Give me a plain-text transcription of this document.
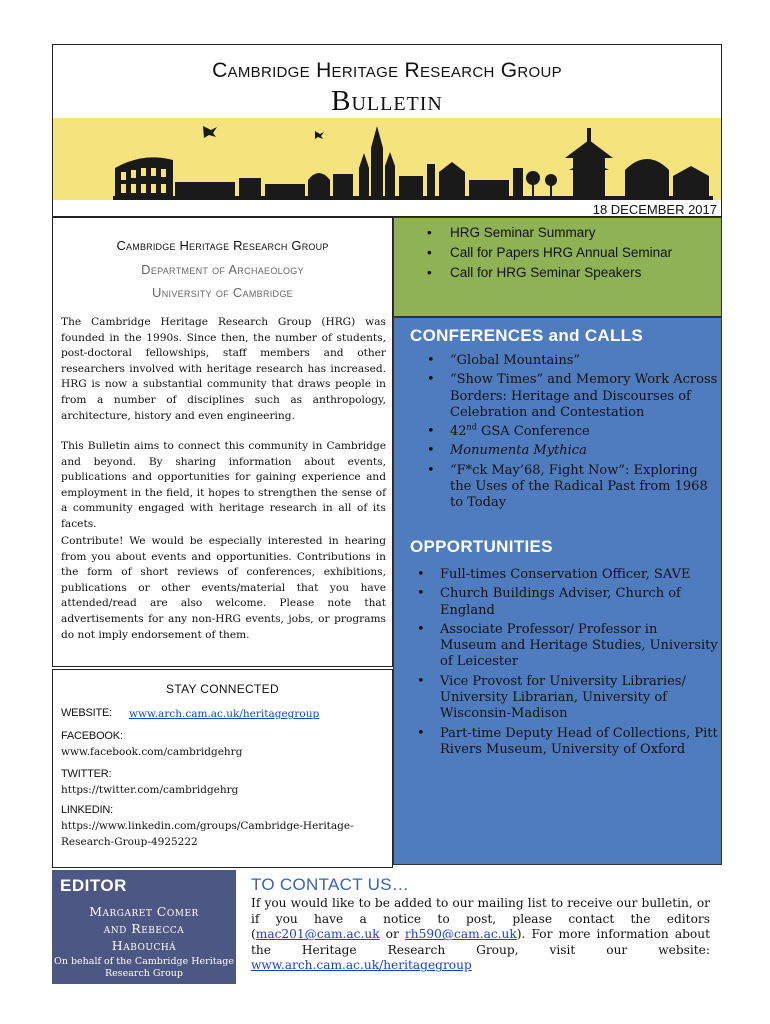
Cambridge Heritage Research Group
Bulletin
18 DECEMBER 2017
Cambridge Heritage Research Group
Department of Archaeology
University of Cambridge

The Cambridge Heritage Research Group (HRG) was founded in the 1990s. Since then, the number of students, post-doctoral fellowships, staff members and other researchers involved with heritage research has increased. HRG is now a substantial community that draws people in from a number of disciplines such as anthropology, architecture, history and even engineering.

This Bulletin aims to connect this community in Cambridge and beyond. By sharing information about events, publications and opportunities for gaining experience and employment in the field, it hopes to strengthen the sense of a community engaged with heritage research in all of its facets.

Contribute! We would be especially interested in hearing from you about events and opportunities. Contributions in the form of short reviews of conferences, exhibitions, publications or other events/material that you have attended/read are also welcome. Please note that advertisements for any non-HRG events, jobs, or programs do not imply endorsement of them.

STAY CONNECTED
WEBSITE: www.arch.cam.ac.uk/heritagegroup
FACEBOOK:
www.facebook.com/cambridgehrg
TWITTER:
https://twitter.com/cambridgehrg
LINKEDIN:
https://www.linkedin.com/groups/Cambridge-Heritage-Research-Group-4925222
• HRG Seminar Summary
• Call for Papers HRG Annual Seminar
• Call for HRG Seminar Speakers
CONFERENCES and CALLS
• “Global Mountains”
• “Show Times” and Memory Work Across Borders: Heritage and Discourses of Celebration and Contestation
• 42nd GSA Conference
• Monumenta Mythica
• “F*ck May’68, Fight Now”: Exploring the Uses of the Radical Past from 1968 to Today
OPPORTUNITIES
• Full-times Conservation Officer, SAVE
• Church Buildings Adviser, Church of England
• Associate Professor/ Professor in Museum and Heritage Studies, University of Leicester
• Vice Provost for University Libraries/ University Librarian, University of Wisconsin-Madison
• Part-time Deputy Head of Collections, Pitt Rivers Museum, University of Oxford
EDITOR
Margaret Comer
and Rebecca
Habouchá
On behalf of the Cambridge Heritage Research Group
TO CONTACT US…

If you would like to be added to our mailing list to receive our bulletin, or if you have a notice to post, please contact the editors (mac201@cam.ac.uk or rh590@cam.ac.uk). For more information about the Heritage Research Group, visit our website: www.arch.cam.ac.uk/heritagegroup
